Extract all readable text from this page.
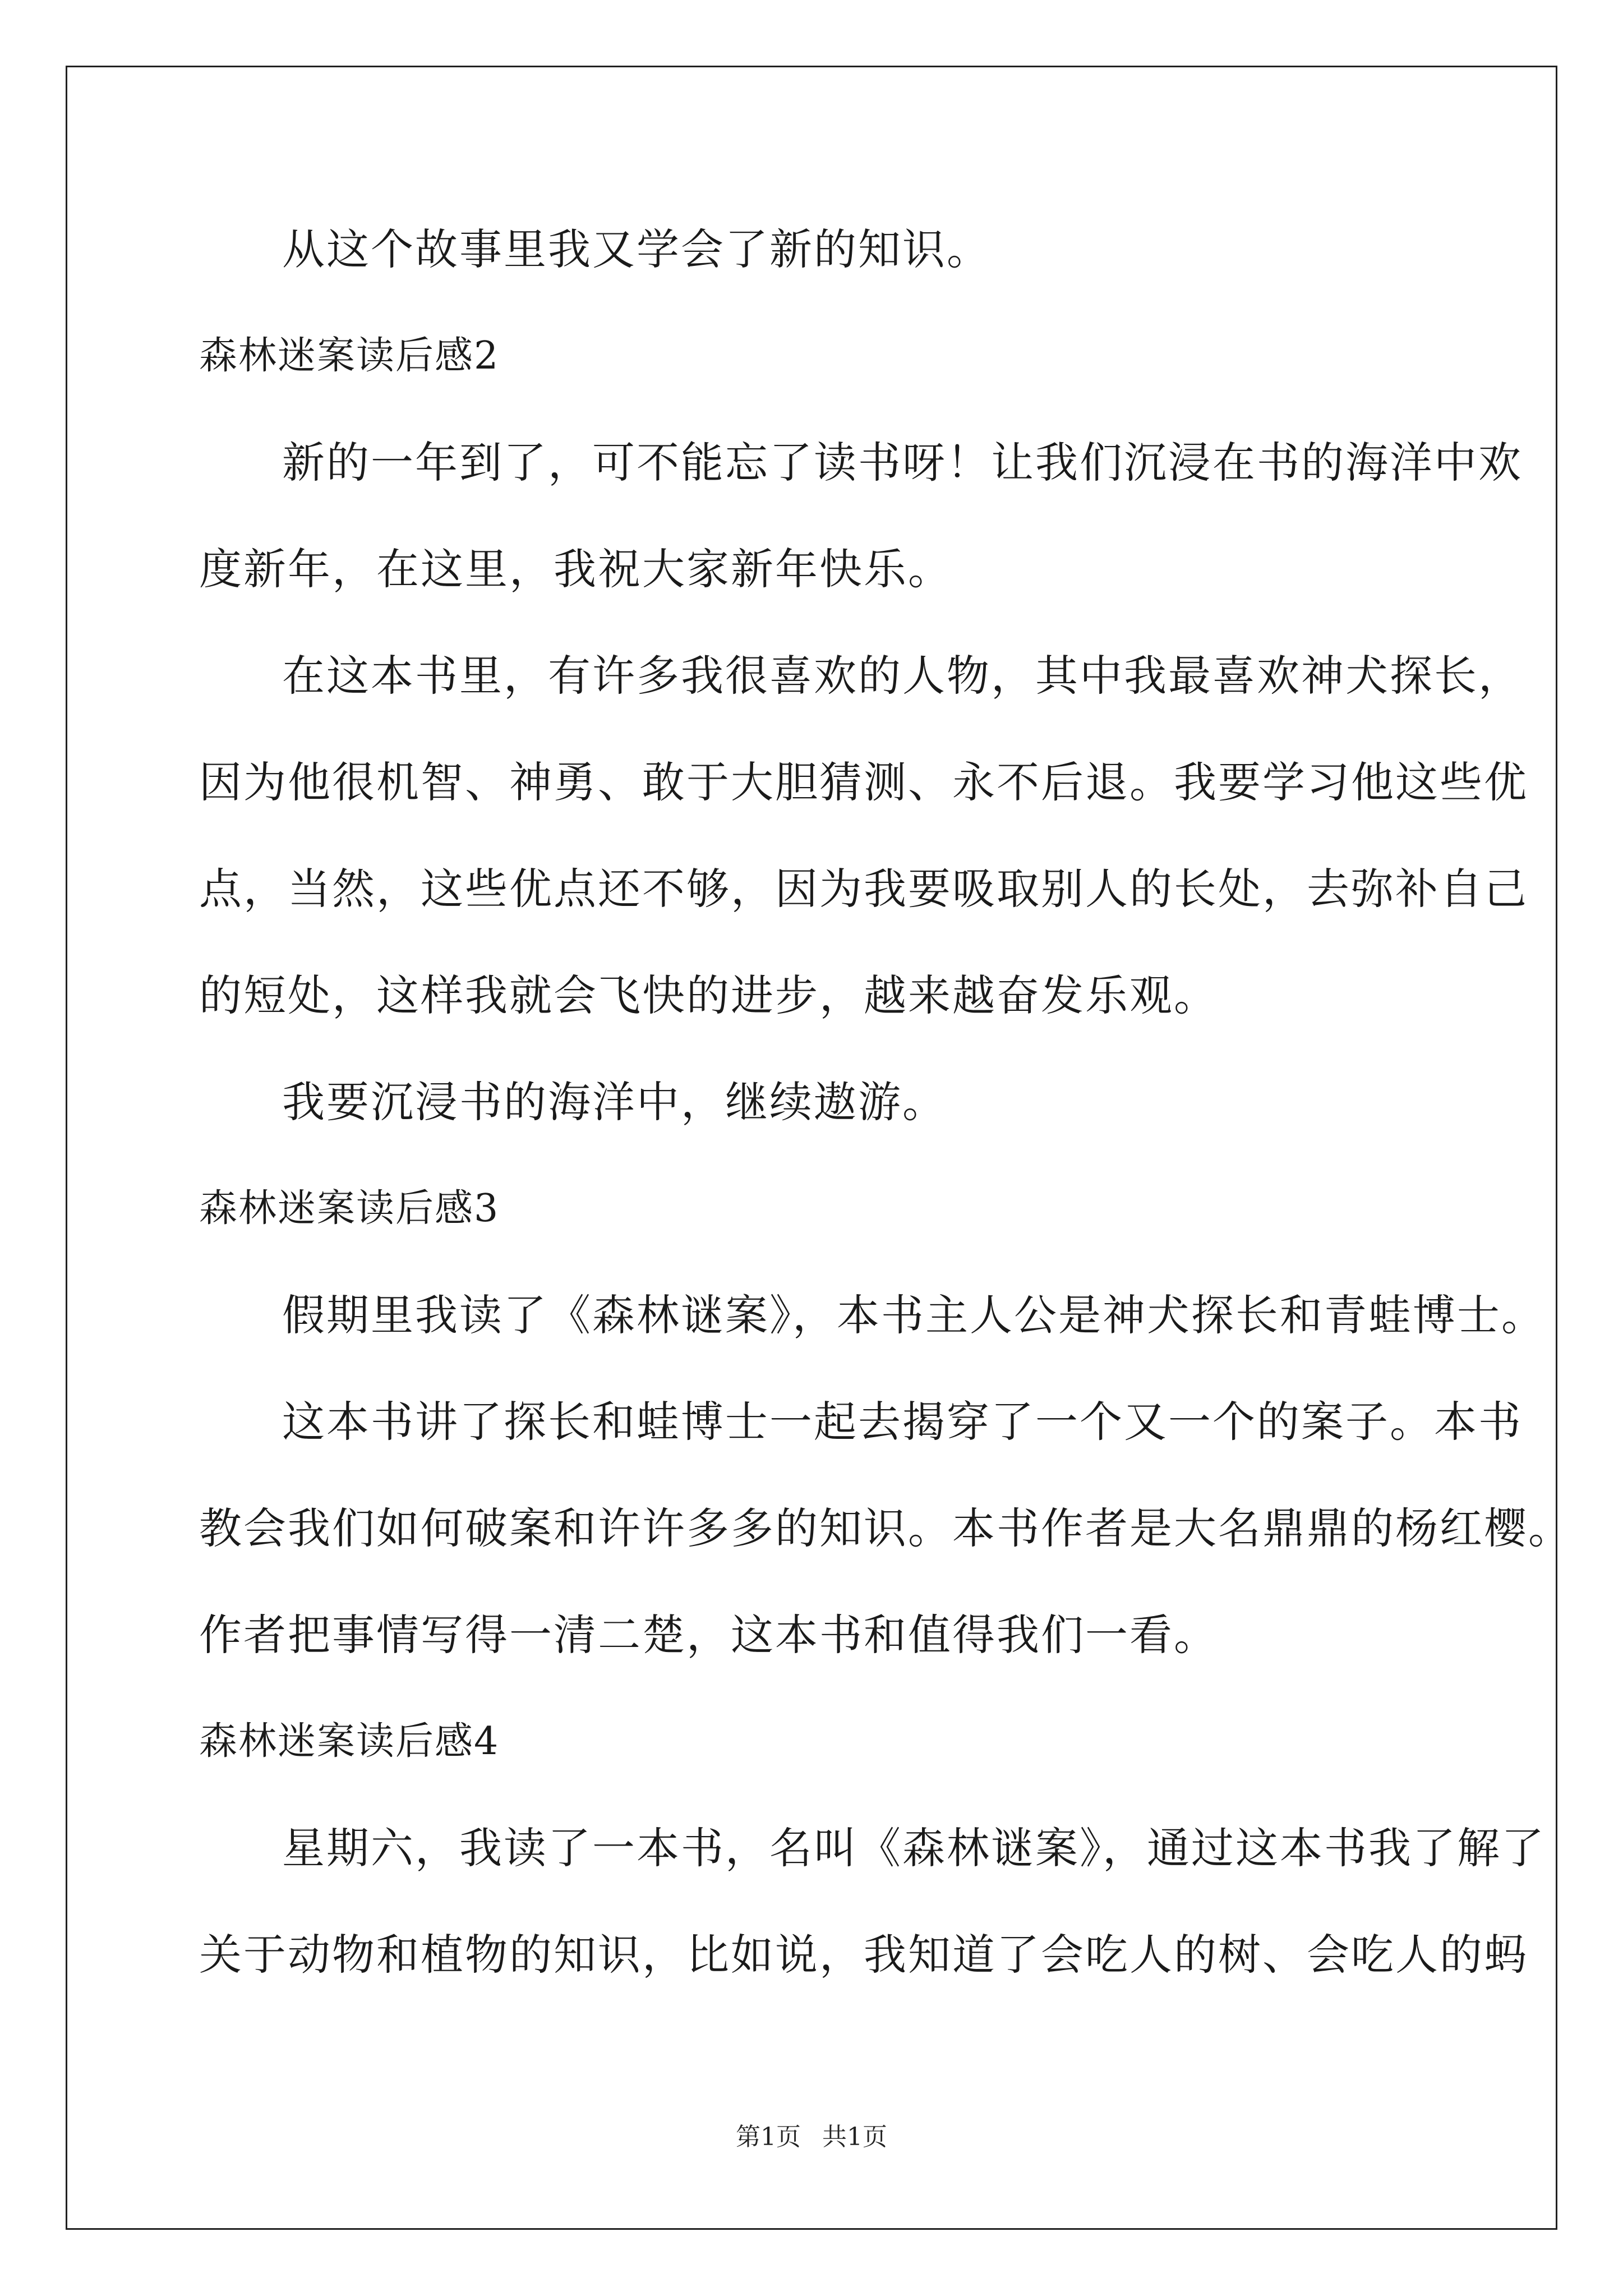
从这个故事里我又学会了新的知识。
森林迷案读后感2
新的一年到了，可不能忘了读书呀！让我们沉浸在书的海洋中欢
度新年，在这里，我祝大家新年快乐。
在这本书里，有许多我很喜欢的人物，其中我最喜欢神犬探长，
因为他很机智、神勇、敢于大胆猜测、永不后退。我要学习他这些优
点，当然，这些优点还不够，因为我要吸取别人的长处，去弥补自己
的短处，这样我就会飞快的进步，越来越奋发乐观。
我要沉浸书的海洋中，继续遨游。
森林迷案读后感3
假期里我读了《森林谜案》，本书主人公是神犬探长和青蛙博士。
这本书讲了探长和蛙博士一起去揭穿了一个又一个的案子。本书
教会我们如何破案和许许多多的知识。本书作者是大名鼎鼎的杨红樱。
作者把事情写得一清二楚，这本书和值得我们一看。
森林迷案读后感4
星期六，我读了一本书，名叫《森林谜案》，通过这本书我了解了
关于动物和植物的知识，比如说，我知道了会吃人的树、会吃人的蚂
第1页 共1页
